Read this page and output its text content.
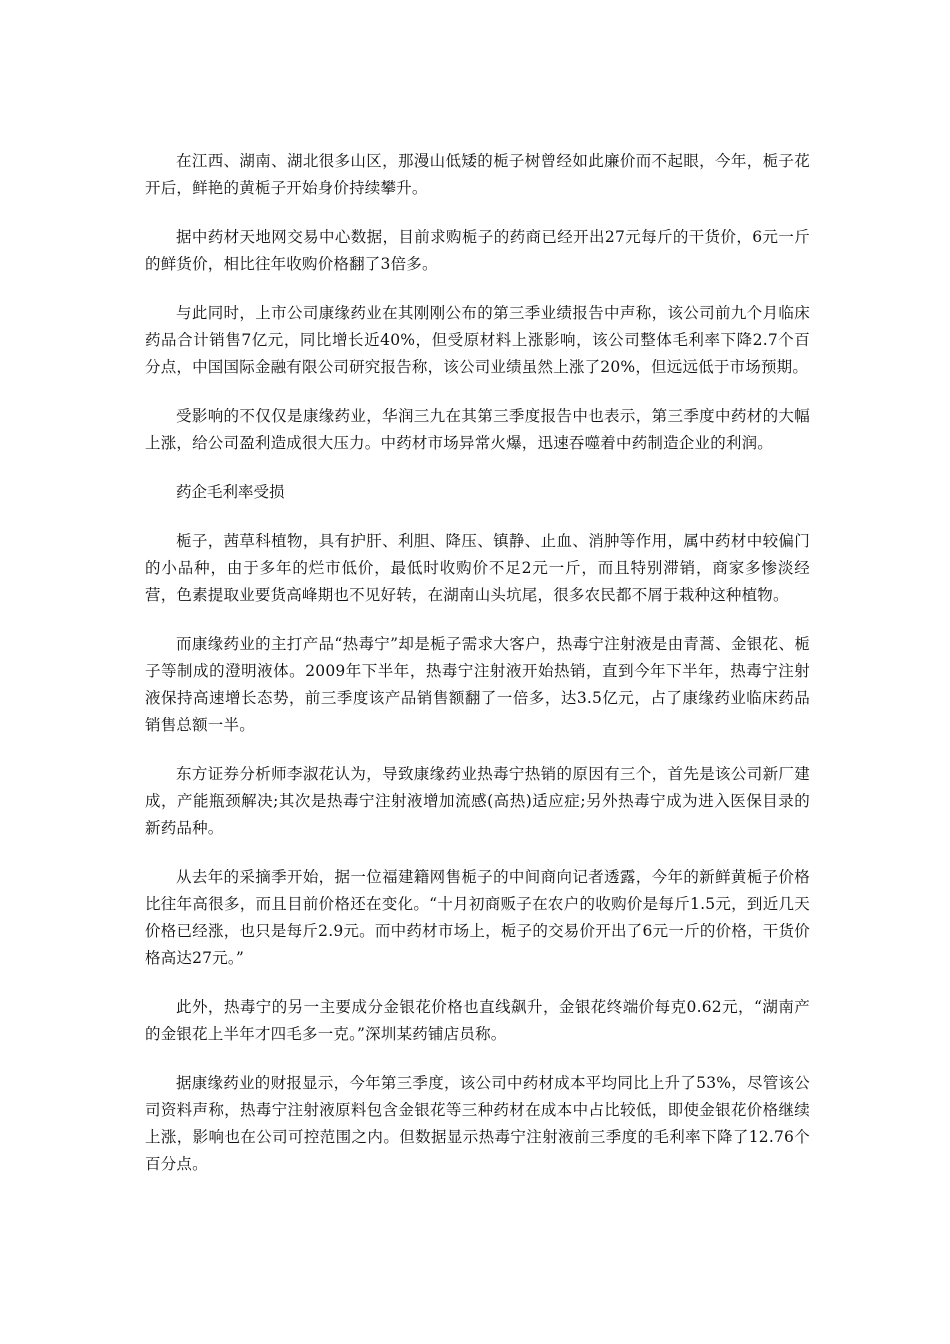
在江西、湖南、湖北很多山区，那漫山低矮的栀子树曾经如此廉价而不起眼，今年，栀子花开后，鲜艳的黄栀子开始身价持续攀升。

据中药材天地网交易中心数据，目前求购栀子的药商已经开出27元每斤的干货价，6元一斤的鲜货价，相比往年收购价格翻了3倍多。

与此同时，上市公司康缘药业在其刚刚公布的第三季业绩报告中声称，该公司前九个月临床药品合计销售7亿元，同比增长近40%，但受原材料上涨影响，该公司整体毛利率下降2.7个百分点，中国国际金融有限公司研究报告称，该公司业绩虽然上涨了20%，但远远低于市场预期。

受影响的不仅仅是康缘药业，华润三九在其第三季度报告中也表示，第三季度中药材的大幅上涨，给公司盈利造成很大压力。中药材市场异常火爆，迅速吞噬着中药制造企业的利润。

药企毛利率受损

栀子，茜草科植物，具有护肝、利胆、降压、镇静、止血、消肿等作用，属中药材中较偏门的小品种，由于多年的烂市低价，最低时收购价不足2元一斤，而且特别滞销，商家多惨淡经营，色素提取业要货高峰期也不见好转，在湖南山头坑尾，很多农民都不屑于栽种这种植物。

而康缘药业的主打产品“热毒宁”却是栀子需求大客户，热毒宁注射液是由青蒿、金银花、栀子等制成的澄明液体。2009年下半年，热毒宁注射液开始热销，直到今年下半年，热毒宁注射液保持高速增长态势，前三季度该产品销售额翻了一倍多，达3.5亿元，占了康缘药业临床药品销售总额一半。

东方证券分析师李淑花认为，导致康缘药业热毒宁热销的原因有三个，首先是该公司新厂建成，产能瓶颈解决;其次是热毒宁注射液增加流感(高热)适应症;另外热毒宁成为进入医保目录的新药品种。

从去年的采摘季开始，据一位福建籍网售栀子的中间商向记者透露，今年的新鲜黄栀子价格比往年高很多，而且目前价格还在变化。“十月初商贩子在农户的收购价是每斤1.5元，到近几天价格已经涨，也只是每斤2.9元。而中药材市场上，栀子的交易价开出了6元一斤的价格，干货价格高达27元。”

此外，热毒宁的另一主要成分金银花价格也直线飙升，金银花终端价每克0.62元，“湖南产的金银花上半年才四毛多一克。”深圳某药铺店员称。

据康缘药业的财报显示，今年第三季度，该公司中药材成本平均同比上升了53%，尽管该公司资料声称，热毒宁注射液原料包含金银花等三种药材在成本中占比较低，即使金银花价格继续上涨，影响也在公司可控范围之内。但数据显示热毒宁注射液前三季度的毛利率下降了12.76个百分点。
